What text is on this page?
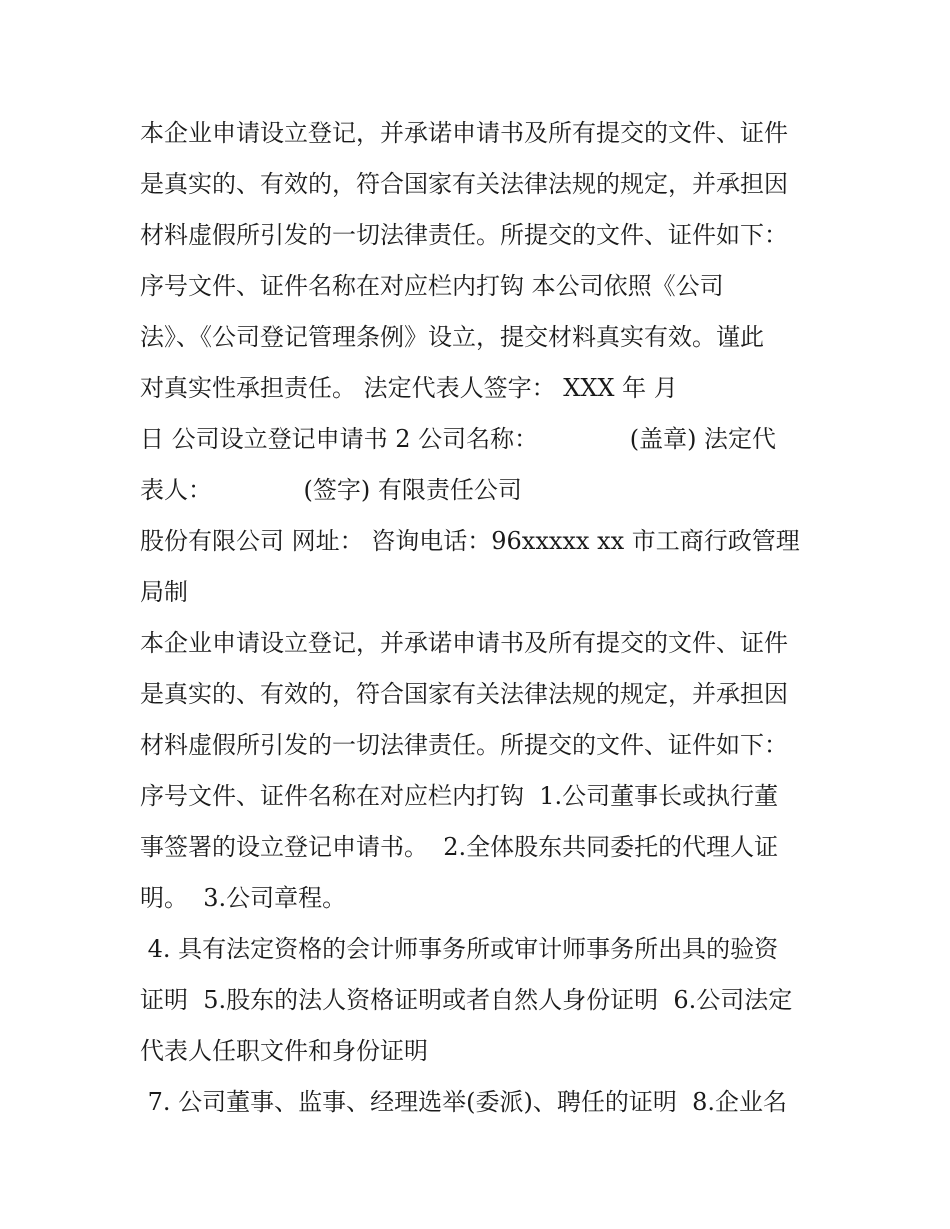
本企业申请设立登记，并承诺申请书及所有提交的文件、证件
是真实的、有效的，符合国家有关法律法规的规定，并承担因
材料虚假所引发的一切法律责任。所提交的文件、证件如下：
序号文件、证件名称在对应栏内打钩 本公司依照《公司
法》、《公司登记管理条例》设立，提交材料真实有效。谨此
对真实性承担责任。 法定代表人签字： XXX 年 月
日 公司设立登记申请书 2 公司名称：            (盖章) 法定代
表人：            (签字) 有限责任公司
股份有限公司 网址： 咨询电话：96xxxxx xx 市工商行政管理
局制
本企业申请设立登记，并承诺申请书及所有提交的文件、证件
是真实的、有效的，符合国家有关法律法规的规定，并承担因
材料虚假所引发的一切法律责任。所提交的文件、证件如下：
序号文件、证件名称在对应栏内打钩  1.公司董事长或执行董
事签署的设立登记申请书。  2.全体股东共同委托的代理人证
明。  3.公司章程。
4. 具有法定资格的会计师事务所或审计师事务所出具的验资
证明  5.股东的法人资格证明或者自然人身份证明  6.公司法定
代表人任职文件和身份证明
7. 公司董事、监事、经理选举(委派)、聘任的证明  8.企业名
